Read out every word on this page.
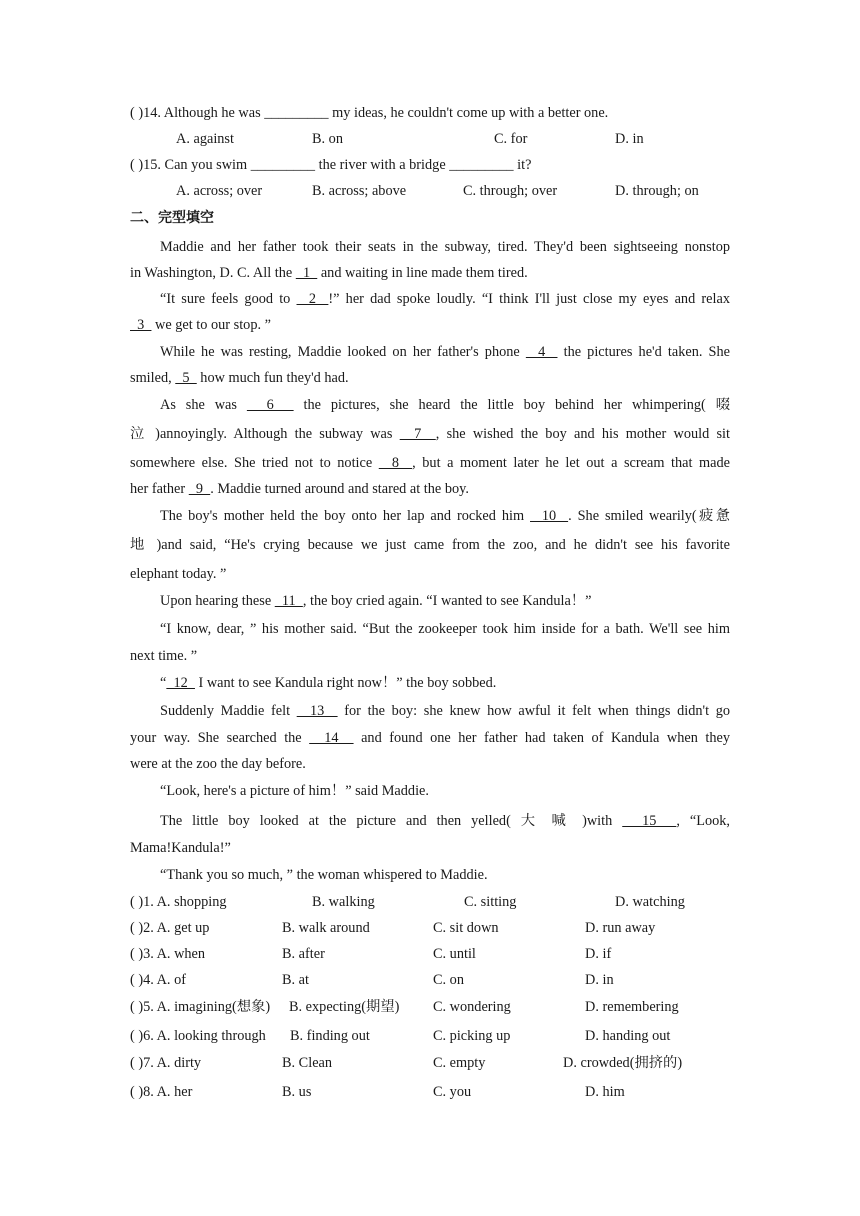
( )14. Although he was _________ my ideas, he couldn't come up with a better one.
A. against	B. on	C. for	D. in
( )15. Can you swim _________ the river with a bridge _________ it?
A. across; over	B. across; above	C. through; over	D. through; on
二、完型填空
Maddie and her father took their seats in the subway, tired. They'd been sightseeing nonstop
in Washington, D. C. All the   1   and waiting in line made them tired.
“It sure feels good to   2  !” her dad spoke loudly. “I think I'll just close my eyes and relax
3   we get to our stop. ”
While he was resting, Maddie looked on her father's phone   4   the pictures he'd taken. She
smiled,   5   how much fun they'd had.
As she was   6   the pictures, she heard the little boy behind her whimpering( 啜
泣 )annoyingly. Although the subway was   7  , she wished the boy and his mother would sit
somewhere else. She tried not to notice   8  , but a moment later he let out a scream that made
her father   9  . Maddie turned around and stared at the boy.
The boy's mother held the boy onto her lap and rocked him   10  . She smiled wearily(疲惫
地 )and said, “He's crying because we just came from the zoo, and he didn't see his favorite
elephant today. ”
Upon hearing these   11  , the boy cried again. “I wanted to see Kandula！”
“I know, dear, ” his mother said. “But the zookeeper took him inside for a bath. We'll see him
next time. ”
“  12   I want to see Kandula right now！” the boy sobbed.
Suddenly Maddie felt   13   for the boy: she knew how awful it felt when things didn't go
your way. She searched the   14   and found one her father had taken of Kandula when they
were at the zoo the day before.
“Look, here's a picture of him！” said Maddie.
The little boy looked at the picture and then yelled( 大 喊 )with   15  , “Look,
Mama!Kandula!”
“Thank you so much, ” the woman whispered to Maddie.
( )1. A. shopping	B. walking	C. sitting	D. watching
( )2. A. get up	B. walk around	C. sit down	D. run away
( )3. A. when	B. after	C. until	D. if
( )4. A. of	B. at	C. on	D. in
( )5. A. imagining(想象) B. expecting(期望) C. wondering	D. remembering
( )6. A. looking through B. finding out	C. picking up	D. handing out
( )7. A. dirty	B. Clean	C. empty	D. crowded(拥挤的)
( )8. A. her	B. us	C. you	D. him
